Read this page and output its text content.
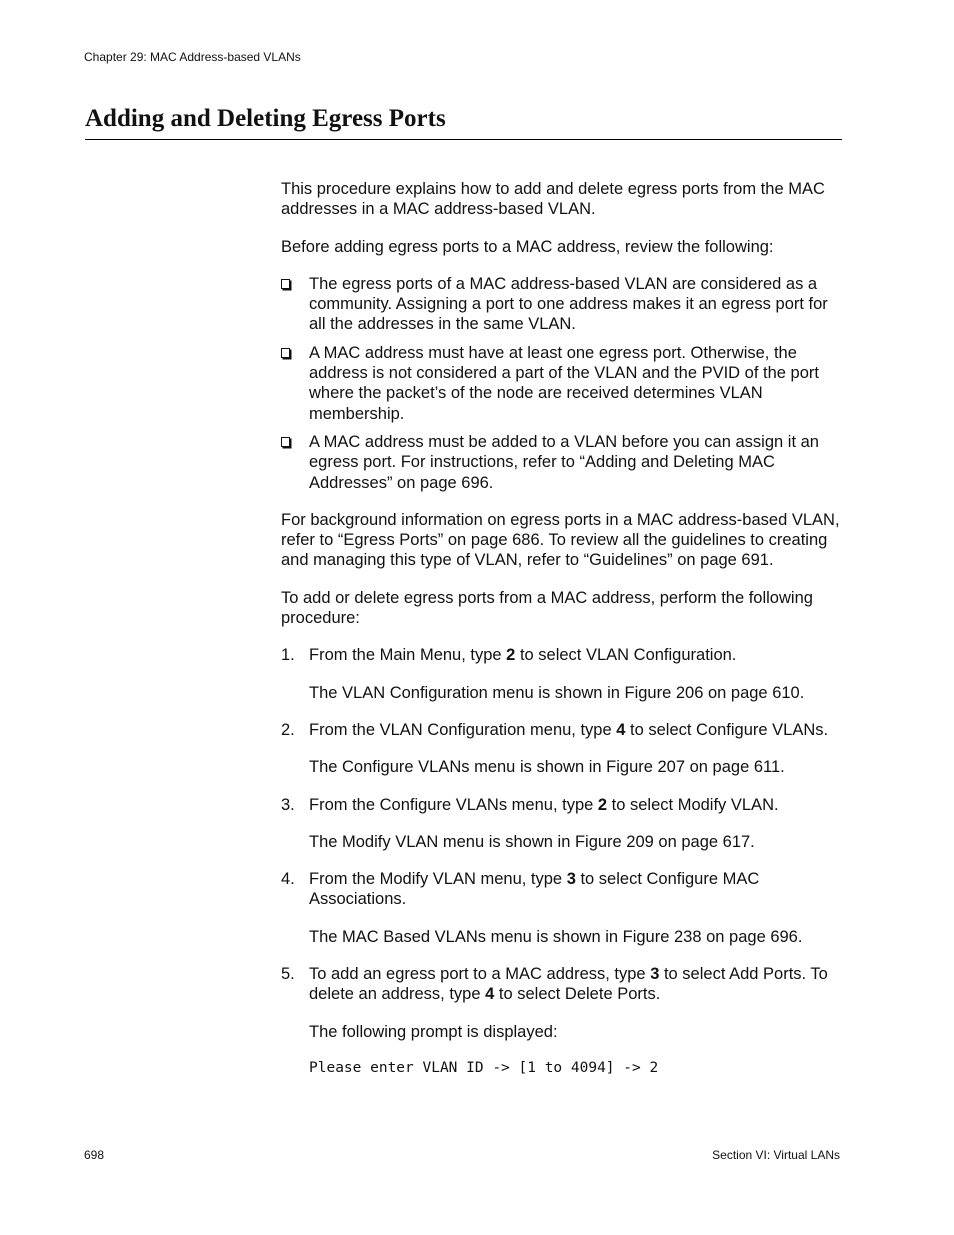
Chapter 29: MAC Address-based VLANs
Adding and Deleting Egress Ports

This procedure explains how to add and delete egress ports from the MAC addresses in a MAC address-based VLAN.

Before adding egress ports to a MAC address, review the following:

The egress ports of a MAC address-based VLAN are considered as a community. Assigning a port to one address makes it an egress port for all the addresses in the same VLAN.
A MAC address must have at least one egress port. Otherwise, the address is not considered a part of the VLAN and the PVID of the port where the packet’s of the node are received determines VLAN membership.
A MAC address must be added to a VLAN before you can assign it an egress port. For instructions, refer to “Adding and Deleting MAC Addresses” on page 696.

For background information on egress ports in a MAC address-based VLAN, refer to “Egress Ports” on page 686. To review all the guidelines to creating and managing this type of VLAN, refer to “Guidelines” on page 691.

To add or delete egress ports from a MAC address, perform the following procedure:

1. From the Main Menu, type 2 to select VLAN Configuration.

The VLAN Configuration menu is shown in Figure 206 on page 610.

2. From the VLAN Configuration menu, type 4 to select Configure VLANs.

The Configure VLANs menu is shown in Figure 207 on page 611.

3. From the Configure VLANs menu, type 2 to select Modify VLAN.

The Modify VLAN menu is shown in Figure 209 on page 617.

4. From the Modify VLAN menu, type 3 to select Configure MAC Associations.

The MAC Based VLANs menu is shown in Figure 238 on page 696.

5. To add an egress port to a MAC address, type 3 to select Add Ports. To delete an address, type 4 to select Delete Ports.

The following prompt is displayed:

Please enter VLAN ID -> [1 to 4094] -> 2
698	Section VI: Virtual LANs
